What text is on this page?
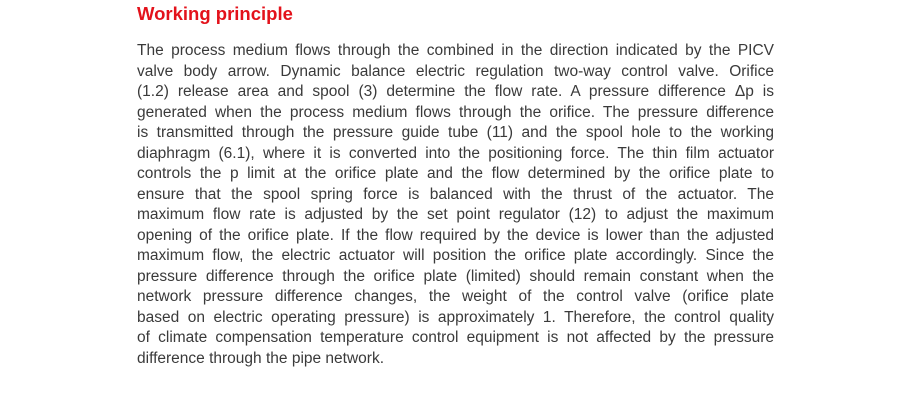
Working principle

The process medium flows through the combined in the direction indicated by the PICV
valve body arrow. Dynamic balance electric regulation two-way control valve. Orifice
(1.2) release area and spool (3) determine the flow rate. A pressure difference Δp is
generated when the process medium flows through the orifice. The pressure difference
is transmitted through the pressure guide tube (11) and the spool hole to the working
diaphragm (6.1), where it is converted into the positioning force. The thin film actuator
controls the p limit at the orifice plate and the flow determined by the orifice plate to
ensure that the spool spring force is balanced with the thrust of the actuator. The
maximum flow rate is adjusted by the set point regulator (12) to adjust the maximum
opening of the orifice plate. If the flow required by the device is lower than the adjusted
maximum flow, the electric actuator will position the orifice plate accordingly. Since the
pressure difference through the orifice plate (limited) should remain constant when the
network pressure difference changes, the weight of the control valve (orifice plate
based on electric operating pressure) is approximately 1. Therefore, the control quality
of climate compensation temperature control equipment is not affected by the pressure
difference through the pipe network.
